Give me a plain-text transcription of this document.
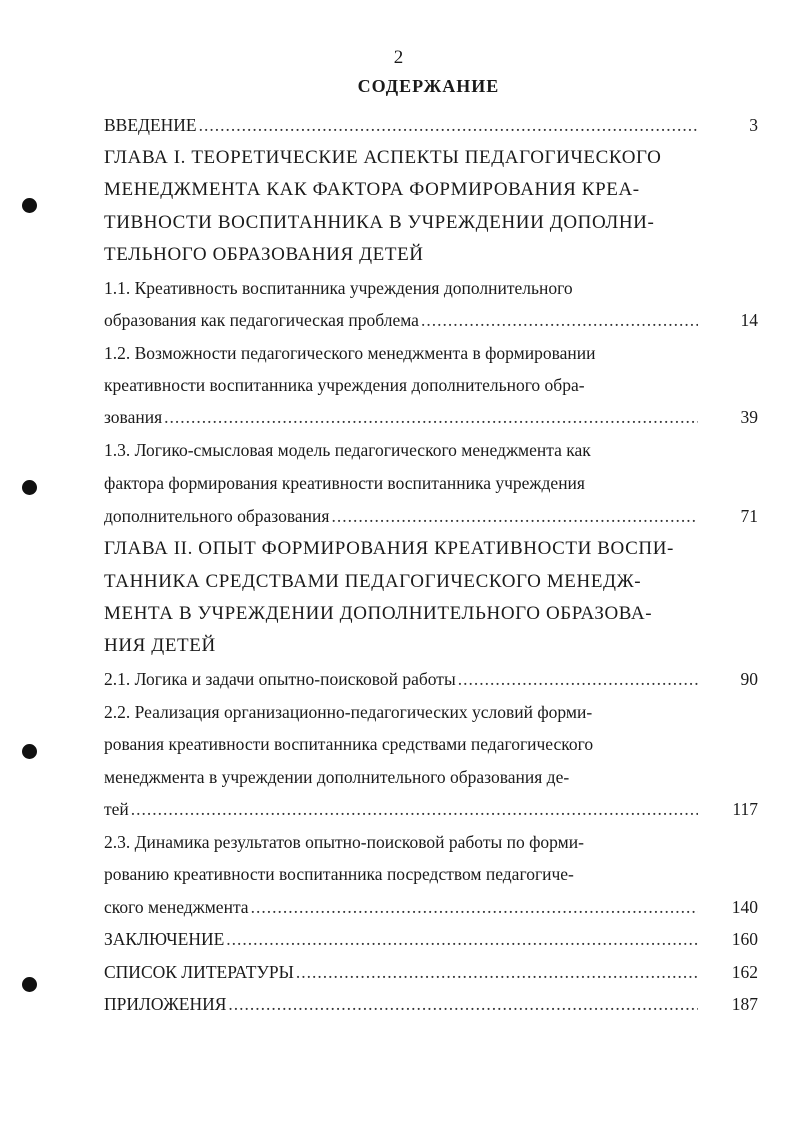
2
СОДЕРЖАНИЕ
ВВЕДЕНИЕ .....	3
ГЛАВА I. ТЕОРЕТИЧЕСКИЕ АСПЕКТЫ ПЕДАГОГИЧЕСКОГО
МЕНЕДЖМЕНТА КАК ФАКТОРА ФОРМИРОВАНИЯ КРЕА-
ТИВНОСТИ ВОСПИТАННИКА В УЧРЕЖДЕНИИ ДОПОЛНИ-
ТЕЛЬНОГО ОБРАЗОВАНИЯ ДЕТЕЙ
1.1. Креативность воспитанника учреждения дополнительного
образования как педагогическая проблема .....	14
1.2. Возможности педагогического менеджмента в формировании
креативности воспитанника учреждения дополнительного обра-
зования .....	39
1.3. Логико-смысловая модель педагогического менеджмента как
фактора формирования креативности воспитанника учреждения
дополнительного образования .....	71
ГЛАВА II. ОПЫТ ФОРМИРОВАНИЯ КРЕАТИВНОСТИ ВОСПИ-
ТАННИКА СРЕДСТВАМИ ПЕДАГОГИЧЕСКОГО МЕНЕДЖ-
МЕНТА В УЧРЕЖДЕНИИ ДОПОЛНИТЕЛЬНОГО ОБРАЗОВА-
НИЯ ДЕТЕЙ
2.1. Логика и задачи опытно-поисковой работы .....	90
2.2. Реализация организационно-педагогических условий форми-
рования креативности воспитанника средствами педагогического
менеджмента в учреждении дополнительного образования де-
тей .....	117
2.3. Динамика результатов опытно-поисковой работы по форми-
рованию креативности воспитанника посредством педагогиче-
ского менеджмента .....	140
ЗАКЛЮЧЕНИЕ .....	160
СПИСОК ЛИТЕРАТУРЫ .....	162
ПРИЛОЖЕНИЯ .....	187
